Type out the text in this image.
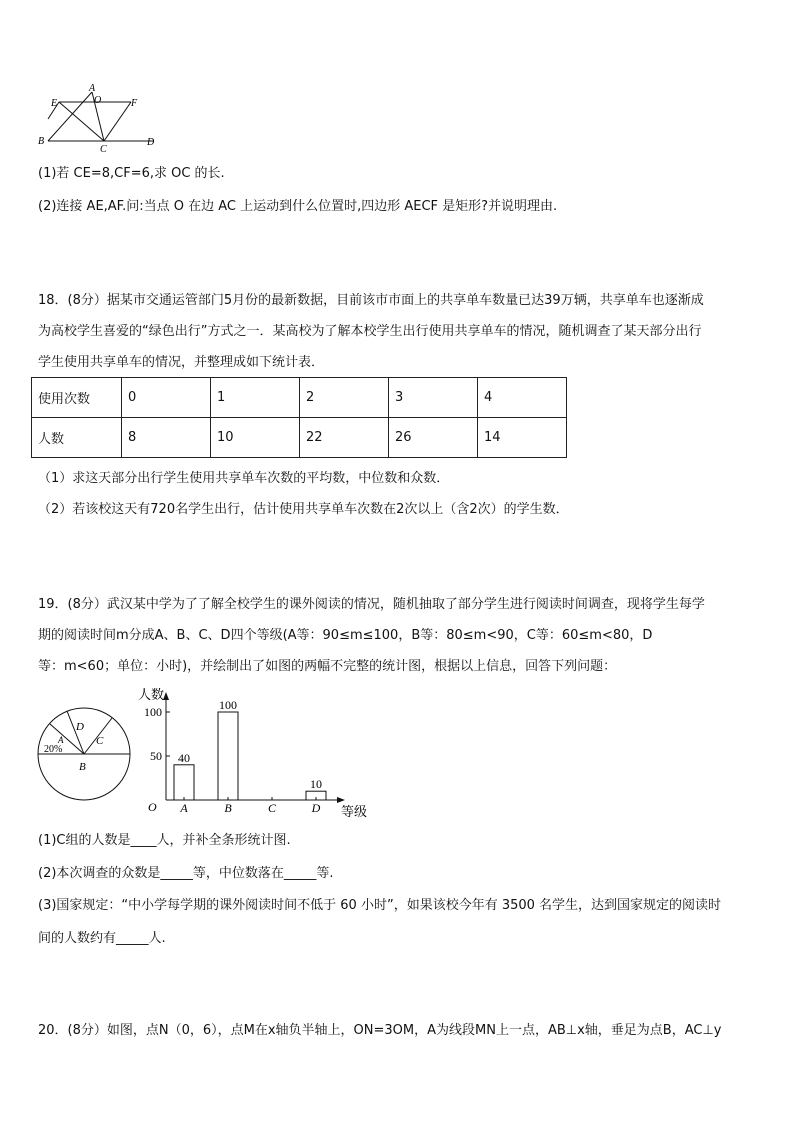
A
O
E	F
B
C
D
(1)若 CE=8,CF=6,求 OC 的长.
(2)连接 AE,AF.问:当点 O 在边 AC 上运动到什么位置时,四边形 AECF 是矩形?并说明理由.
18．(8分）据某市交通运管部门5月份的最新数据，目前该市市面上的共享单车数量已达39万辆，共享单车也逐渐成
为高校学生喜爱的“绿色出行”方式之一．某高校为了解本校学生出行使用共享单车的情况，随机调查了某天部分出行
学生使用共享单车的情况，并整理成如下统计表．
使用次数	0	1	2	3	4
人数	8	10	22	26	14
（1）求这天部分出行学生使用共享单车次数的平均数，中位数和众数．
（2）若该校这天有720名学生出行，估计使用共享单车次数在2次以上（含2次）的学生数．
19．(8分）武汉某中学为了了解全校学生的课外阅读的情况，随机抽取了部分学生进行阅读时间调查，现将学生每学
期的阅读时间m分成A、B、C、D四个等级(A等：90≤m≤100，B等：80≤m<90，C等：60≤m<80，D
等：m<60；单位：小时)，并绘制出了如图的两幅不完整的统计图，根据以上信息，回答下列问题：
D
C
A
20%
B
人数
O	等级
50
100
40
A
100
B	C
10
D
(1)C组的人数是____人，并补全条形统计图.
(2)本次调查的众数是_____等，中位数落在_____等.
(3)国家规定：“中小学每学期的课外阅读时间不低于 60 小时”，如果该校今年有 3500 名学生，达到国家规定的阅读时
间的人数约有_____人.
20．(8分）如图，点N（0，6），点M在x轴负半轴上，ON=3OM，A为线段MN上一点，AB⊥x轴，垂足为点B，AC⊥y
